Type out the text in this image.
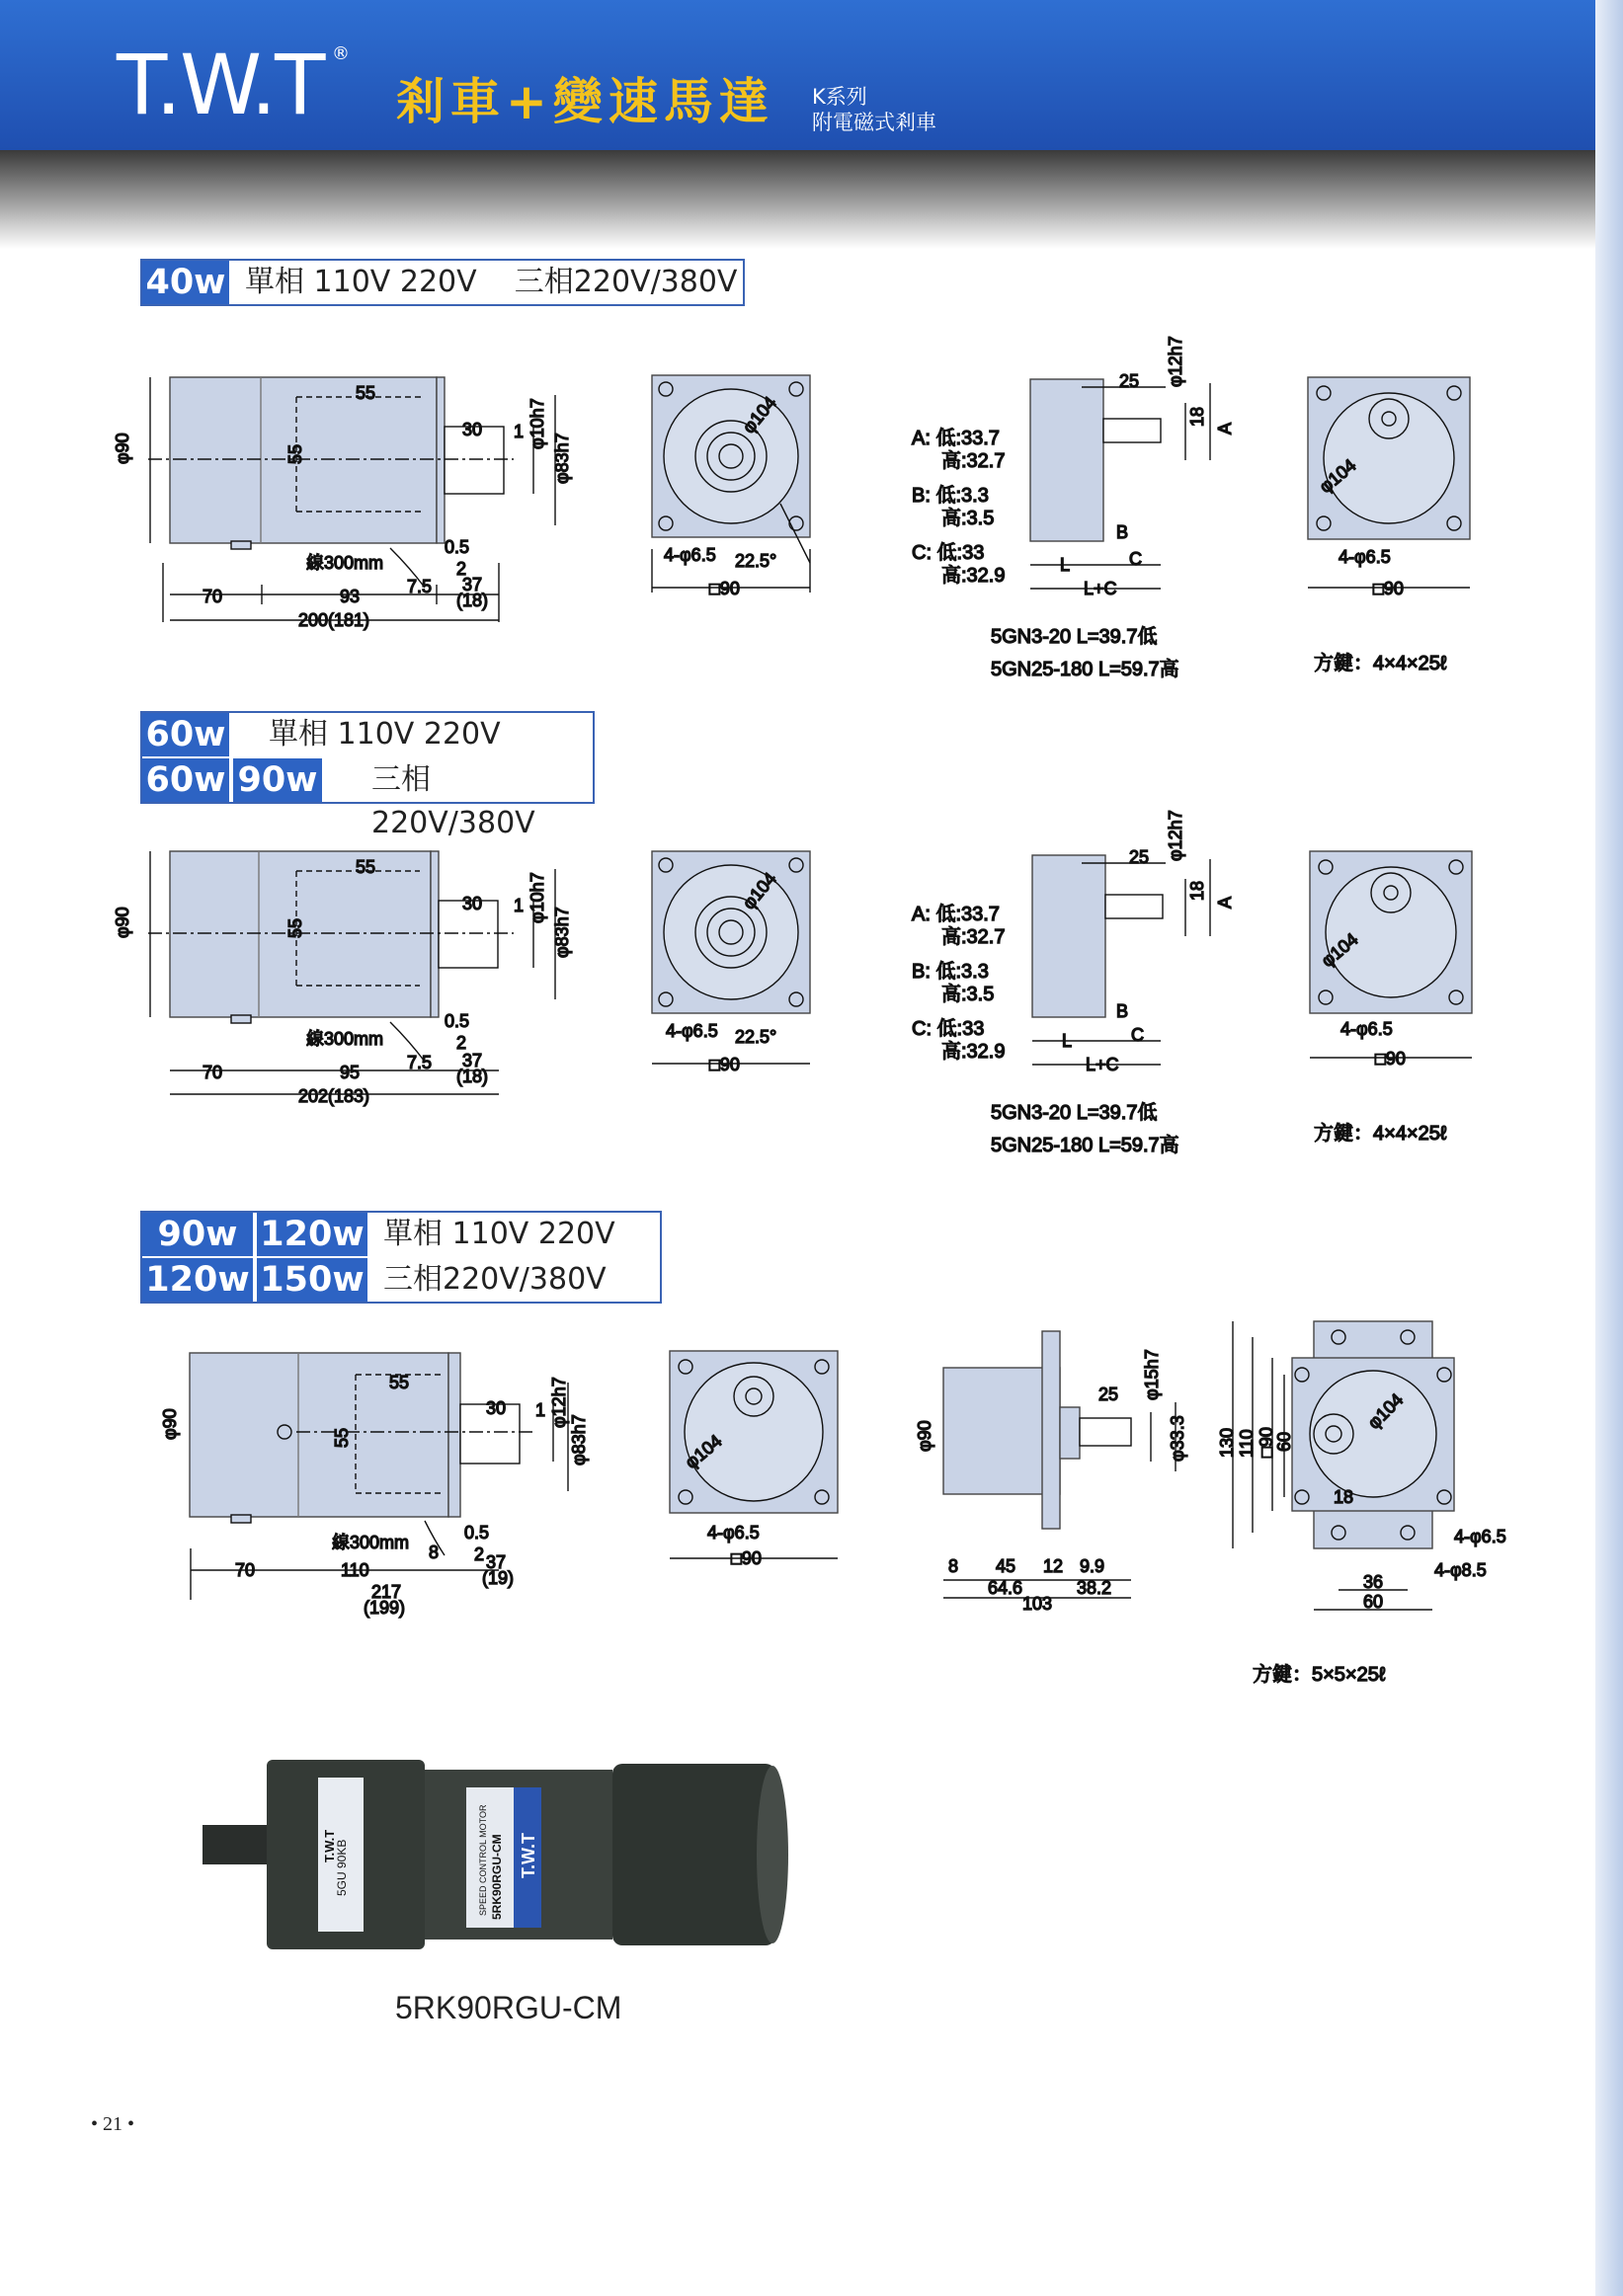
T.W.T ®
剎車+變速馬達 K系列
附電磁式剎車
40w 單相 110V 220V    三相220V/380V
60w 單相 110V 220V
60w 90w 三相220V/380V
90w 120w 單相 110V 220V
120w 150w 三相220V/380V
φ90
55
30 1 φ10h7
φ83h7
55
線300mm
0.5
2
7.5 37
(18)
70	93
200(181)
φ104
4-φ6.5 22.5°
□90
25 φ12h7
18
A
B
L	C
L+C
A: 低:33.7
高:32.7
B: 低:3.3
高:3.5
C: 低:33
高:32.9
5GN3-20 L=39.7低
5GN25-180 L=59.7高
φ104
4-φ6.5
□90
方鍵：4×4×25ℓ
φ90
55
30 1 φ10h7
φ83h7
55
線300mm
0.5
2
7.5 37
(18)
70	95
202(183)
φ104
4-φ6.5 22.5°
□90
25 φ12h7
18
A
B
L	C
L+C
A: 低:33.7
高:32.7
B: 低:3.3
高:3.5
C: 低:33
高:32.9
5GN3-20 L=39.7低
5GN25-180 L=59.7高
φ104
4-φ6.5
□90
方鍵：4×4×25ℓ
φ90
55
30 1 φ12h7
φ83h7
55
線300mm	0.5
2
8	37
(19)
70	110
217
(199)
φ104
4-φ6.5
□90
25 φ15h7
φ33.3
φ90
8 45 12 9.9
64.6	38.2
103
130 110 □90
60
φ104
18
4-φ6.5
4-φ8.5
36
60
方鍵：5×5×25ℓ
5GU 90KB
T.W.T	SPEED CONTROL MOTOR 5RK90RGU-CM T.W.T
5RK90RGU-CM
• 21 •
